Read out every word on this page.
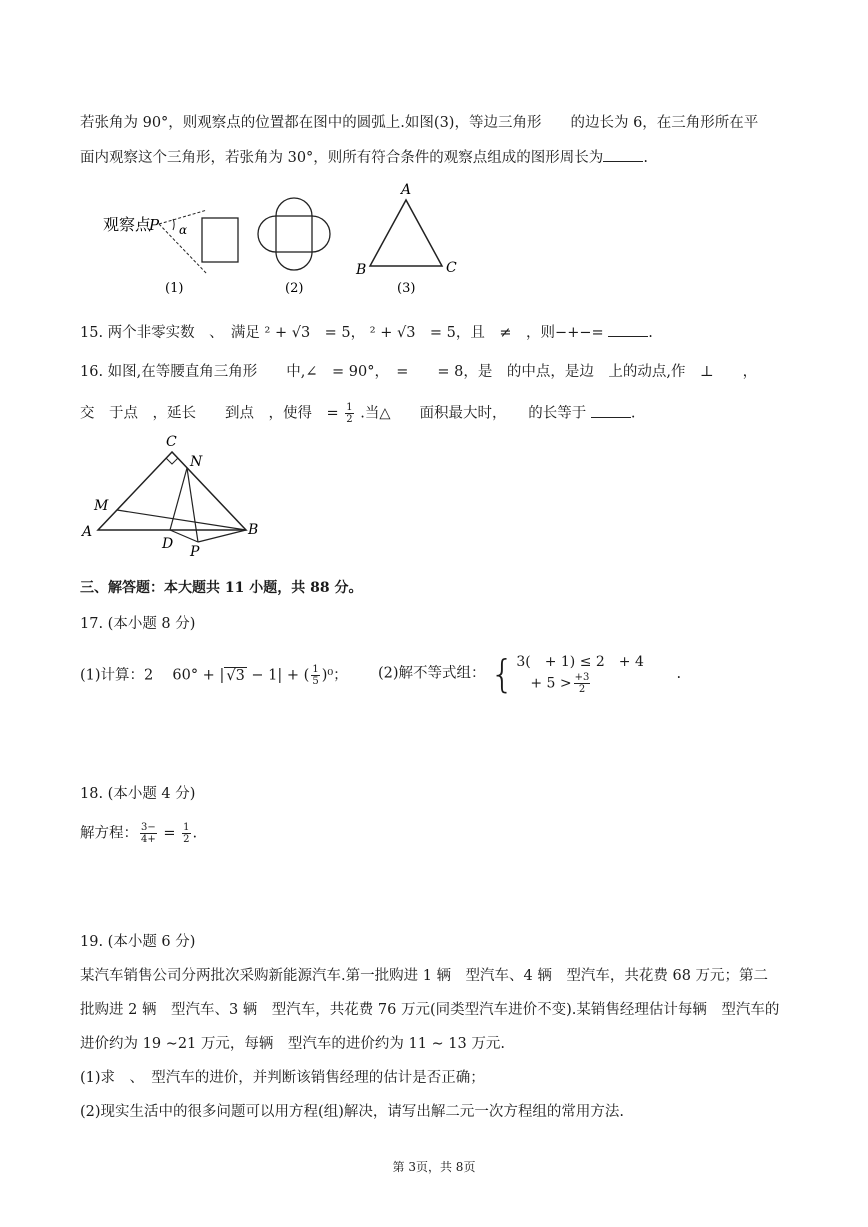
若张角为 90°，则观察点的位置都在图中的圆弧上.如图(3)，等边三角形　　的边长为 6，在三角形所在平
面内观察这个三角形，若张角为 30°，则所有符合条件的观察点组成的图形周长为	.
观察点
P α
(1)	(2)
A
B	C
(3)
15. 两个非零实数　、　满足 ² + √3　= 5， ² + √3　= 5，且　≠　，则−+−=	.
16. 如图,在等腰直角三角形　　中,∠　= 90°，　=　　= 8，是　的中点，是边　上的动点,作　⊥　　，
交　于点　，延长　　到点　，使得　= $\frac{1}{2}$ .当△　　面积最大时，　　的长等于	.
C
N
M
A
D P
B
三、解答题：本大题共 11 小题，共 88 分。
17. (本小题 8 分)
(1)计算：2　 60° + | √3 − 1| + ( $\frac{1}{5} )^0$； (2)解不等式组： { 3(　+ 1) ≤ 2　+ 4
　+ $5 > \frac{+3}{2}$	.
18. (本小题 4 分)
解方程： $\frac{3-}{4+} = \frac{1}{2}$ .
19. (本小题 6 分)
某汽车销售公司分两批次采购新能源汽车.第一批购进 1 辆　型汽车、4 辆　型汽车，共花费 68 万元；第二
批购进 2 辆　型汽车、3 辆　型汽车，共花费 76 万元(同类型汽车进价不变).某销售经理估计每辆　型汽车的
进价约为 19 ∼21 万元，每辆　型汽车的进价约为 11 ∼ 13 万元.
(1)求　、　型汽车的进价，并判断该销售经理的估计是否正确；
(2)现实生活中的很多问题可以用方程(组)解决，请写出解二元一次方程组的常用方法.
第 3页，共 8页
